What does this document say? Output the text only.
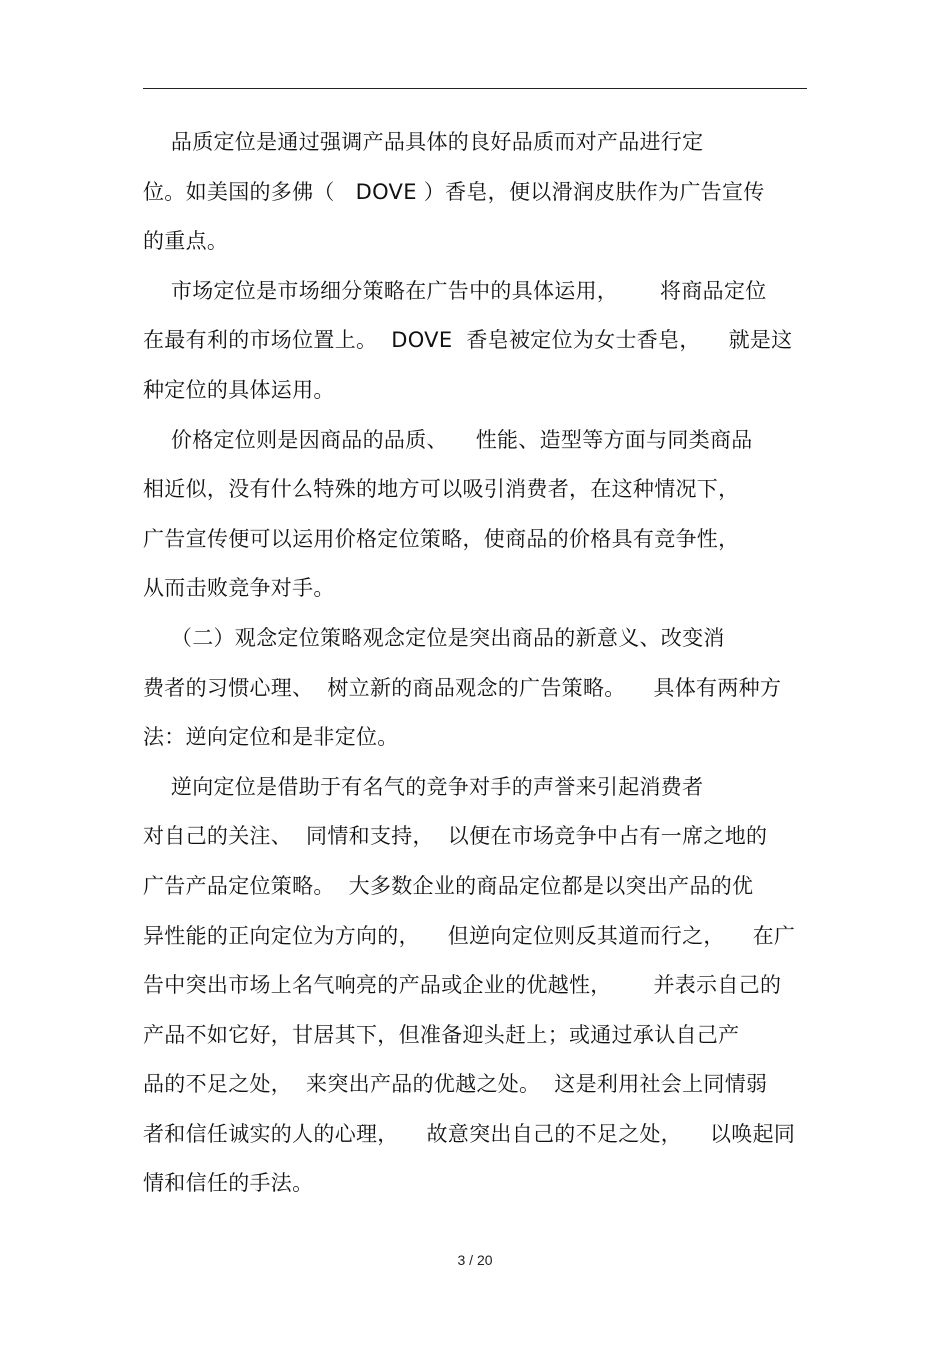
品质定位是通过强调产品具体的良好品质而对产品进行定
位。如美国的多佛（   DOVE ）香皂，便以滑润皮肤作为广告宣传
的重点。
市场定位是市场细分策略在广告中的具体运用，      将商品定位
在最有利的市场位置上。  DOVE  香皂被定位为女士香皂，    就是这
种定位的具体运用。
价格定位则是因商品的品质、    性能、造型等方面与同类商品
相近似，没有什么特殊的地方可以吸引消费者，在这种情况下，
广告宣传便可以运用价格定位策略，使商品的价格具有竞争性，
从而击败竞争对手。
（二）观念定位策略观念定位是突出商品的新意义、改变消
费者的习惯心理、  树立新的商品观念的广告策略。    具体有两种方
法：逆向定位和是非定位。
逆向定位是借助于有名气的竞争对手的声誉来引起消费者
对自己的关注、  同情和支持，  以便在市场竞争中占有一席之地的
广告产品定位策略。  大多数企业的商品定位都是以突出产品的优
异性能的正向定位为方向的，    但逆向定位则反其道而行之，    在广
告中突出市场上名气响亮的产品或企业的优越性，      并表示自己的
产品不如它好，甘居其下，但准备迎头赶上；或通过承认自己产
品的不足之处，  来突出产品的优越之处。  这是利用社会上同情弱
者和信任诚实的人的心理，    故意突出自己的不足之处，    以唤起同
情和信任的手法。
3 / 20
